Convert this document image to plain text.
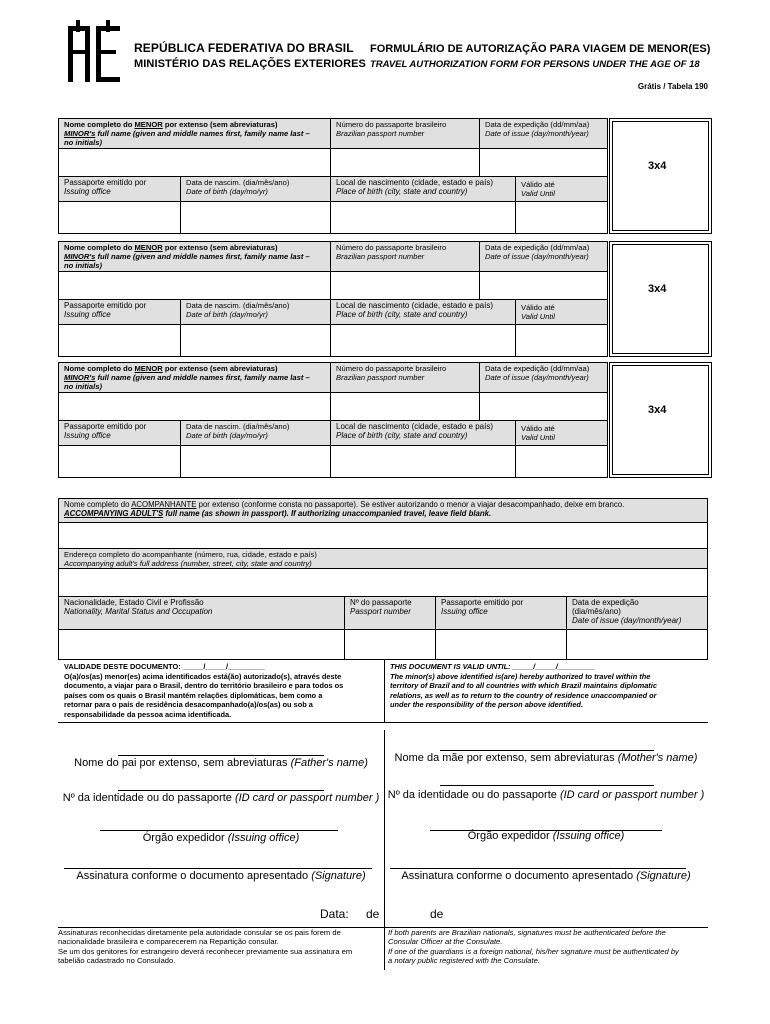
REPÚBLICA FEDERATIVA DO BRASIL
MINISTÉRIO DAS RELAÇÕES EXTERIORES
FORMULÁRIO DE AUTORIZAÇÃO PARA VIAGEM DE MENOR(ES)
TRAVEL AUTHORIZATION FORM FOR PERSONS UNDER THE AGE OF 18
Grátis / Tabela 190
Nome completo do MENOR por extenso (sem abreviaturas)
MINOR's full name (given and middle names first, family name last –
no initials)
Número do passaporte brasileiro
Brazilian passport number
Data de expedição (dd/mm/aa)
Date of issue (day/month/year)
Passaporte emitido por
Issuing office
Data de nascim. (dia/mês/ano)
Date of birth (day/mo/yr)
Local de nascimento (cidade, estado e país)
Place of birth (city, state and country)
Válido até
Valid Until
3x4
Nome completo do MENOR por extenso (sem abreviaturas)
MINOR's full name (given and middle names first, family name last –
no initials)
Número do passaporte brasileiro
Brazilian passport number
Data de expedição (dd/mm/aa)
Date of issue (day/month/year)
Passaporte emitido por
Issuing office
Data de nascim. (dia/mês/ano)
Date of birth (day/mo/yr)
Local de nascimento (cidade, estado e país)
Place of birth (city, state and country)
Válido até
Valid Until
3x4
Nome completo do MENOR por extenso (sem abreviaturas)
MINOR's full name (given and middle names first, family name last –
no initials)
Número do passaporte brasileiro
Brazilian passport number
Data de expedição (dd/mm/aa)
Date of issue (day/month/year)
Passaporte emitido por
Issuing office
Data de nascim. (dia/mês/ano)
Date of birth (day/mo/yr)
Local de nascimento (cidade, estado e país)
Place of birth (city, state and country)
Válido até
Valid Until
3x4
Nome completo do ACOMPANHANTE por extenso (conforme consta no passaporte). Se estiver autorizando o menor a viajar desacompanhado, deixe em branco.
ACCOMPANYING ADULT'S full name (as shown in passport). If authorizing unaccompanied travel, leave field blank.
Endereço completo do acompanhante (número, rua, cidade, estado e país)
Accompanying adult's full address (number, street, city, state and country)
Nacionalidade, Estado Civil e Profissão
Nationality, Marital Status and Occupation
Nº do passaporte
Passport number
Passaporte emitido por
Issuing office
Data de expedição
(dia/mês/ano)
Date of issue (day/month/year)
VALIDADE DESTE DOCUMENTO: _____/_____/_________
O(a)/os(as) menor(es) acima identificados está(ão) autorizado(s), através deste
documento, a viajar para o Brasil, dentro do território brasileiro e para todos os
países com os quais o Brasil mantém relações diplomáticas, bem como a
retornar para o país de residência desacompanhado(a)/os(as) ou sob a
responsabilidade da pessoa acima identificada.
THIS DOCUMENT IS VALID UNTIL: _____/_____/_________
The minor(s) above identified is(are) hereby authorized to travel within the
territory of Brazil and to all countries with which Brazil maintains diplomatic
relations, as well as to return to the country of residence unaccompanied or
under the responsibility of the person above identified.
Nome do pai por extenso, sem abreviaturas (Father's name)
Nº da identidade ou do passaporte (ID card or passport number )
Órgão expedidor (Issuing office)
Assinatura conforme o documento apresentado (Signature)
Nome da mãe por extenso, sem abreviaturas (Mother's name)
Nº da identidade ou do passaporte (ID card or passport number )
Órgão expedidor (Issuing office)
Assinatura conforme o documento apresentado (Signature)
Data: de	de
Assinaturas reconhecidas diretamente pela autoridade consular se os pais forem de
nacionalidade brasileira e comparecerem na Repartição consular.
Se um dos genitores for estrangeiro deverá reconhecer previamente sua assinatura em
tabelião cadastrado no Consulado.
If both parents are Brazilian nationals, signatures must be authenticated before the
Consular Officer at the Consulate.
If one of the guardians is a foreign national, his/her signature must be authenticated by
a notary public registered with the Consulate.
